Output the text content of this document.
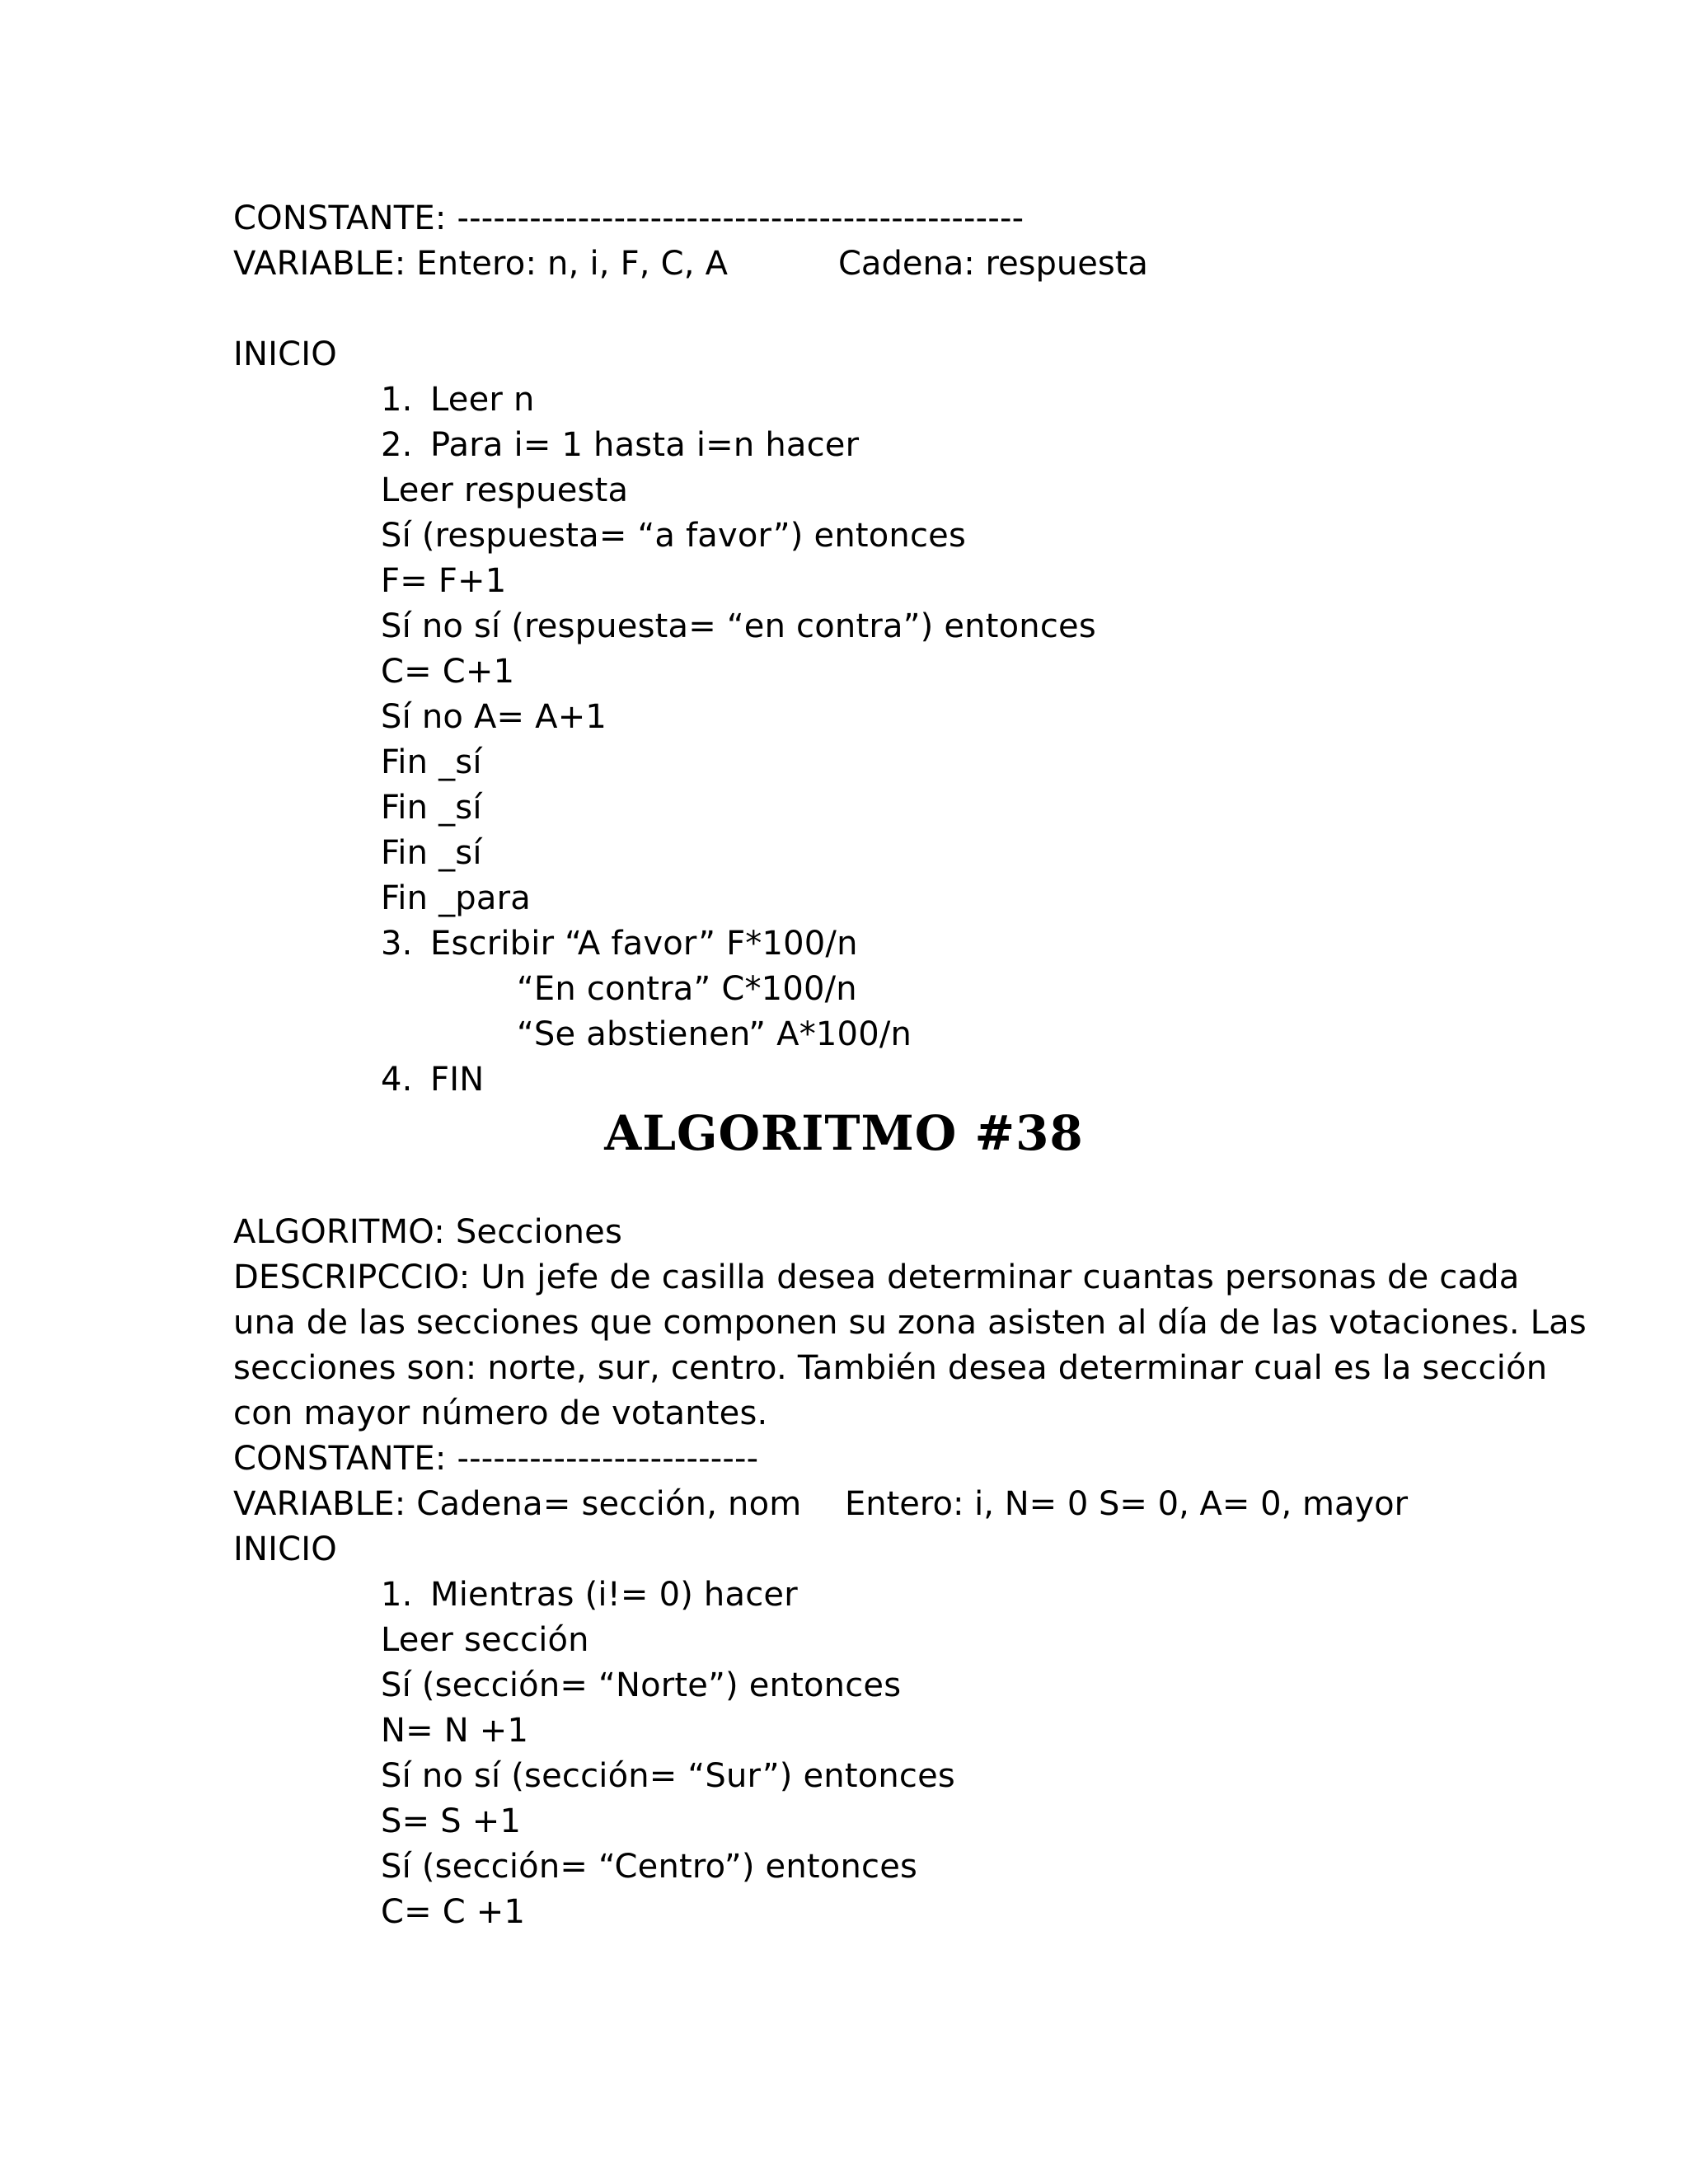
CONSTANTE: -----------------------------------------------
VARIABLE: Entero: n, i, F, C, A	Cadena: respuesta
INICIO
1. Leer n
2. Para i= 1 hasta i=n hacer
Leer respuesta
Sí (respuesta= “a favor”) entonces
F= F+1
Sí no sí (respuesta= “en contra”) entonces
C= C+1
Sí no A= A+1
Fin _sí
Fin _sí
Fin _sí
Fin _para
3. Escribir “A favor” F*100/n
“En contra” C*100/n
“Se abstienen” A*100/n
4. FIN
ALGORITMO #38
ALGORITMO: Secciones
DESCRIPCCIO: Un jefe de casilla desea determinar cuantas personas de cada
una de las secciones que componen su zona asisten al día de las votaciones. Las
secciones son: norte, sur, centro. También desea determinar cual es la sección
con mayor número de votantes.
CONSTANTE: -------------------------
VARIABLE: Cadena= sección, nom Entero: i, N= 0 S= 0, A= 0, mayor
INICIO
1. Mientras (i!= 0) hacer
Leer sección
Sí (sección= “Norte”) entonces
N= N +1
Sí no sí (sección= “Sur”) entonces
S= S +1
Sí (sección= “Centro”) entonces
C= C +1
